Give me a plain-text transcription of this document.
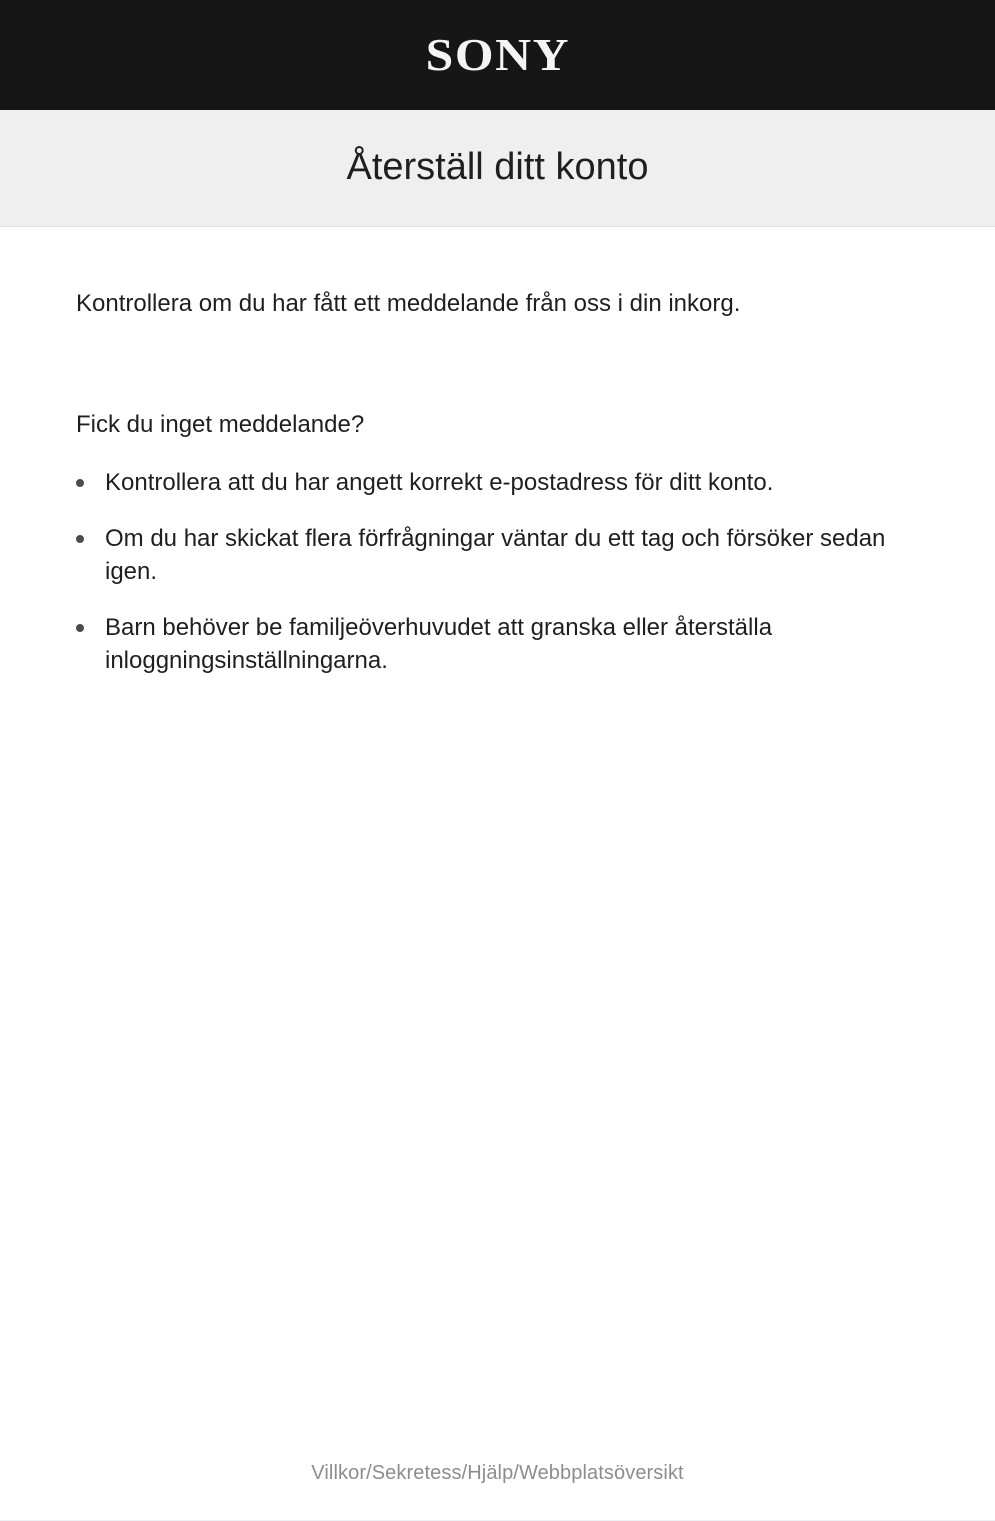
SONY
Återställ ditt konto

Kontrollera om du har fått ett meddelande från oss i din inkorg.

Fick du inget meddelande?

Kontrollera att du har angett korrekt e-postadress för ditt konto.
Om du har skickat flera förfrågningar väntar du ett tag och försöker sedan igen.
Barn behöver be familjeöverhuvudet att granska eller återställa inloggningsinställningarna.
Villkor/Sekretess/Hjälp/Webbplatsöversikt
